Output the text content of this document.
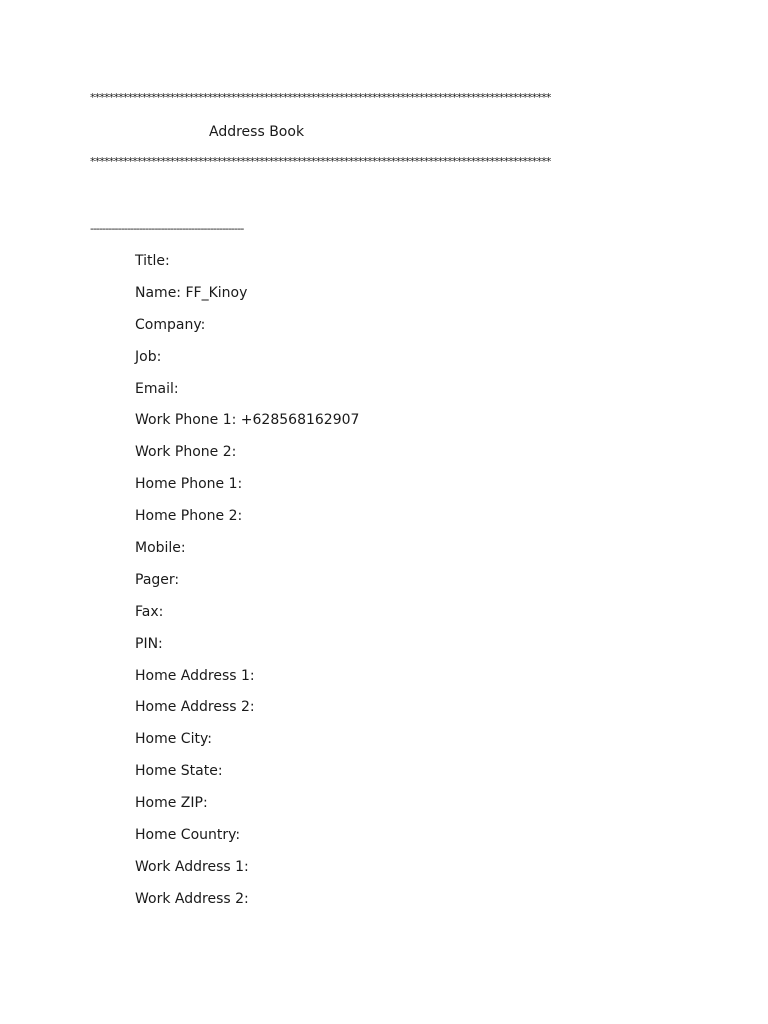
**************************************************************************************************
Address Book
**************************************************************************************************
--------------------------------------------------
Title:
Name: FF_Kinoy
Company:
Job:
Email:
Work Phone 1: +628568162907
Work Phone 2:
Home Phone 1:
Home Phone 2:
Mobile:
Pager:
Fax:
PIN:
Home Address 1:
Home Address 2:
Home City:
Home State:
Home ZIP:
Home Country:
Work Address 1:
Work Address 2:
